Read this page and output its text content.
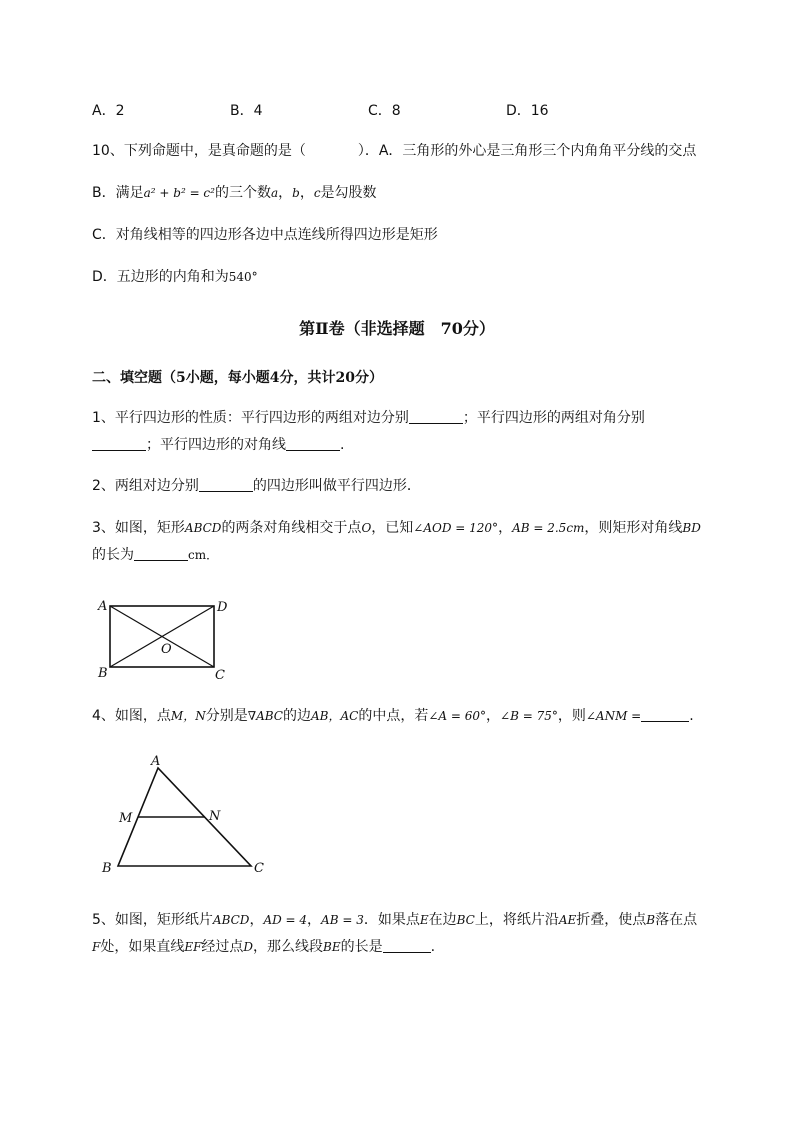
A．2	B．4	C．8	D．16
10、下列命题中，是真命题的是（	）．A．三角形的外心是三角形三个内角角平分线的交点
B．满足a² + b² = c²的三个数a，b，c是勾股数
C．对角线相等的四边形各边中点连线所得四边形是矩形
D．五边形的内角和为540°
第Ⅱ卷（非选择题　70分）
二、填空题（5小题，每小题4分，共计20分）
1、平行四边形的性质：平行四边形的两组对边分别	；平行四边形的两组对角分别
；平行四边形的对角线	.
2、两组对边分别	的四边形叫做平行四边形．
3、如图，矩形ABCD的两条对角线相交于点O，已知∠AOD = 120°，AB = 2.5cm，则矩形对角线BD
的长为	cm．
A	D
B	C
O
4、如图，点M，N分别是∇ABC的边AB，AC的中点，若∠A = 60°，∠B = 75°，则∠ANM =	.
A
M	N
B	C
5、如图，矩形纸片ABCD，AD = 4，AB = 3．如果点E在边BC上，将纸片沿AE折叠，使点B落在点
F处，如果直线EF经过点D，那么线段BE的长是	.
